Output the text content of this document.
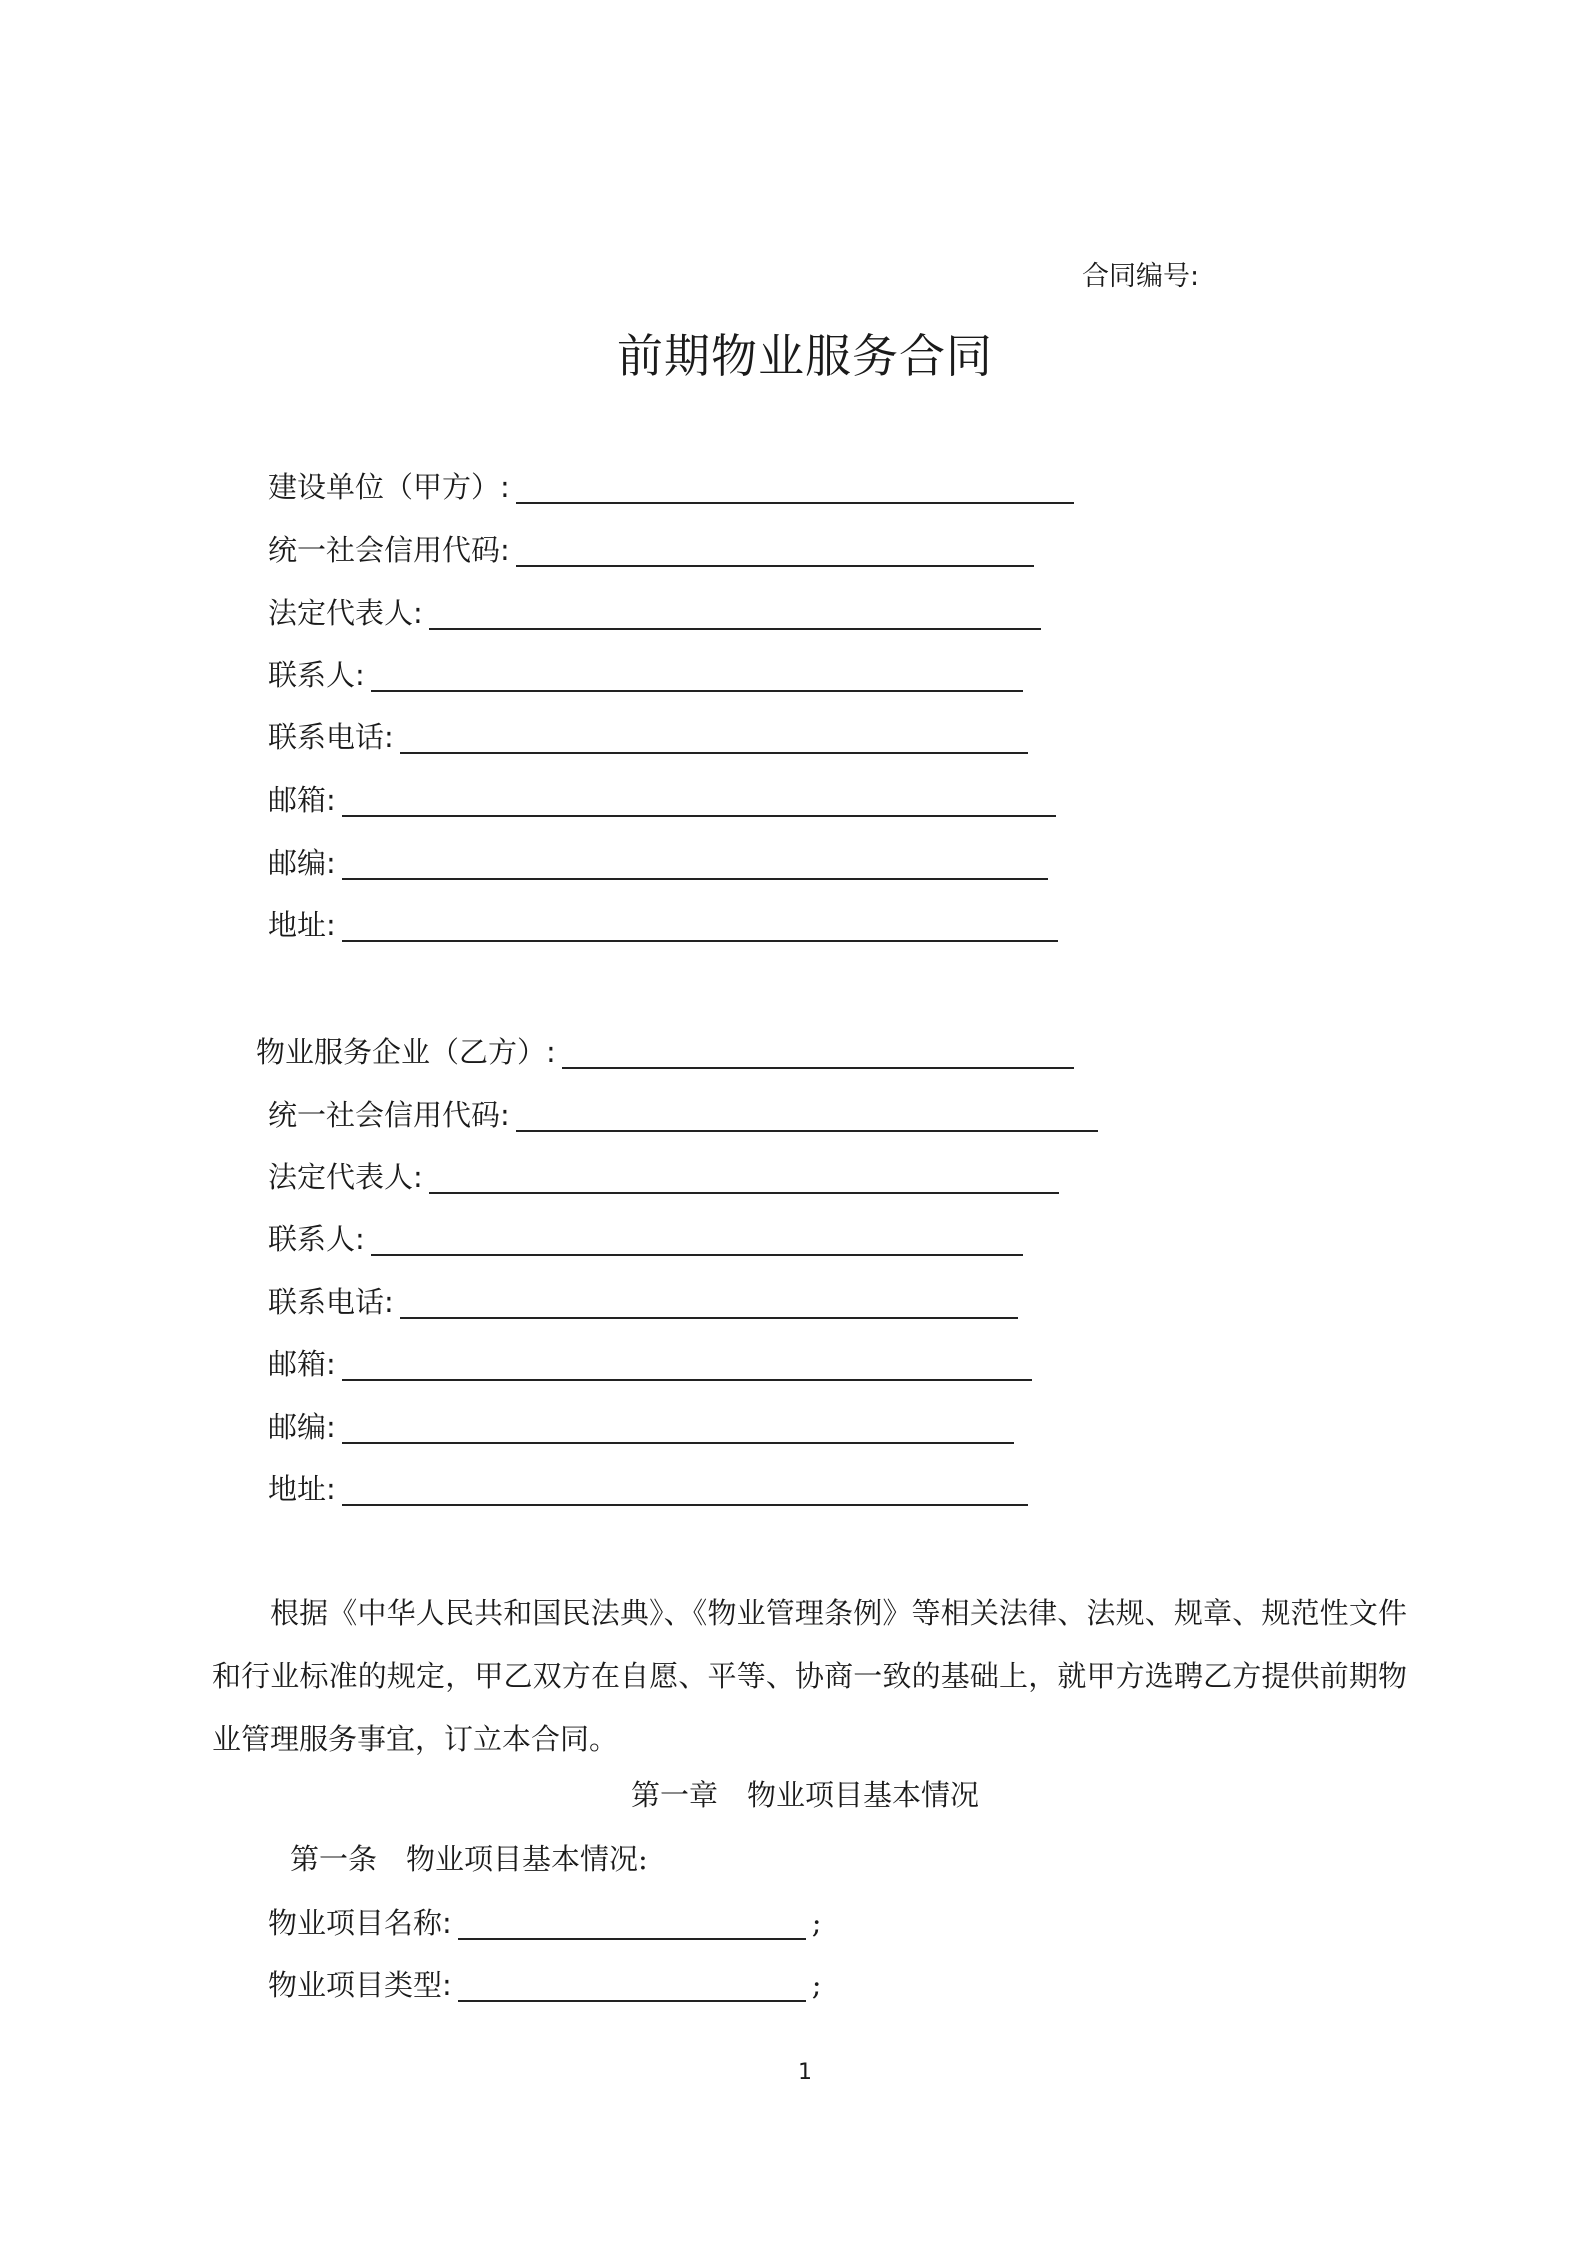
合同编号:
前期物业服务合同
建设单位（甲方）:
统一社会信用代码:
法定代表人:
联系人:
联系电话:
邮箱:
邮编:
地址:
物业服务企业（乙方）:
统一社会信用代码:
法定代表人:
联系人:
联系电话:
邮箱:
邮编:
地址:
根据《中华人民共和国民法典》、《物业管理条例》等相关法律、法规、规章、规范性文件和行业标准的规定，甲乙双方在自愿、平等、协商一致的基础上，就甲方选聘乙方提供前期物业管理服务事宜，订立本合同。
第一章　物业项目基本情况
第一条　物业项目基本情况:
物业项目名称:	;
物业项目类型:	;
1
